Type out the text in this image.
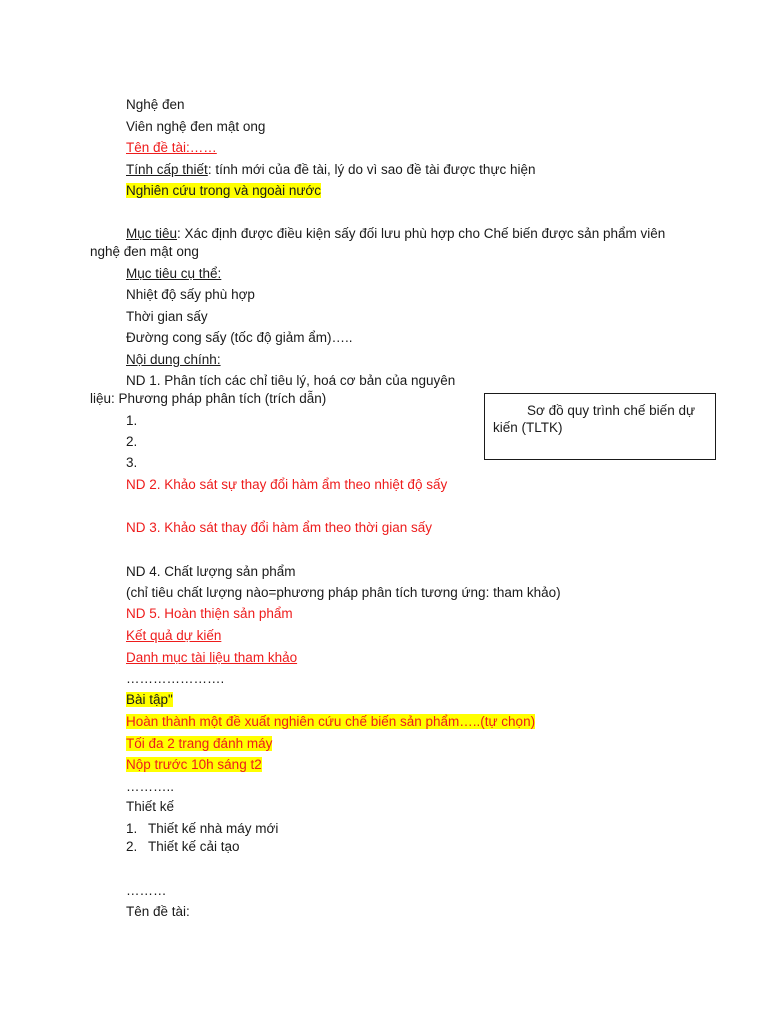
Nghệ đen
Viên nghệ đen mật ong
Tên đề tài:……
Tính cấp thiết: tính mới của đề tài, lý do vì sao đề tài được thực hiện
Nghiên cứu trong và ngoài nước
Mục tiêu: Xác định được điều kiện sấy đối lưu phù hợp cho Chế biến được sản phẩm viên
nghệ đen mật ong
Mục tiêu cụ thể:
Nhiệt độ sấy phù hợp
Thời gian sấy
Đường cong sấy (tốc độ giảm ẩm)…..
Nội dung chính:
ND 1. Phân tích các chỉ tiêu lý, hoá cơ bản của nguyên
liệu: Phương pháp phân tích (trích dẫn)
1.
2.
3.
ND 2. Khảo sát sự thay đổi hàm ẩm theo nhiệt độ sấy
ND 3. Khảo sát thay đổi hàm ẩm theo thời gian sấy
ND 4. Chất lượng sản phẩm
(chỉ tiêu chất lượng nào=phương pháp phân tích tương ứng: tham khảo)
ND 5. Hoàn thiện sản phẩm
Kết quả dự kiến
Danh mục tài liệu tham khảo
………………….
Bài tập"
Hoàn thành một đề xuất nghiên cứu chế biến sản phẩm…..(tự chọn)
Tối đa 2 trang đánh máy
Nộp trước 10h sáng t2
………..
Thiết kế
1. Thiết kế nhà máy mới
2. Thiết kế cải tạo
………
Tên đề tài:
Sơ đồ quy trình chế biến dự kiến (TLTK)
